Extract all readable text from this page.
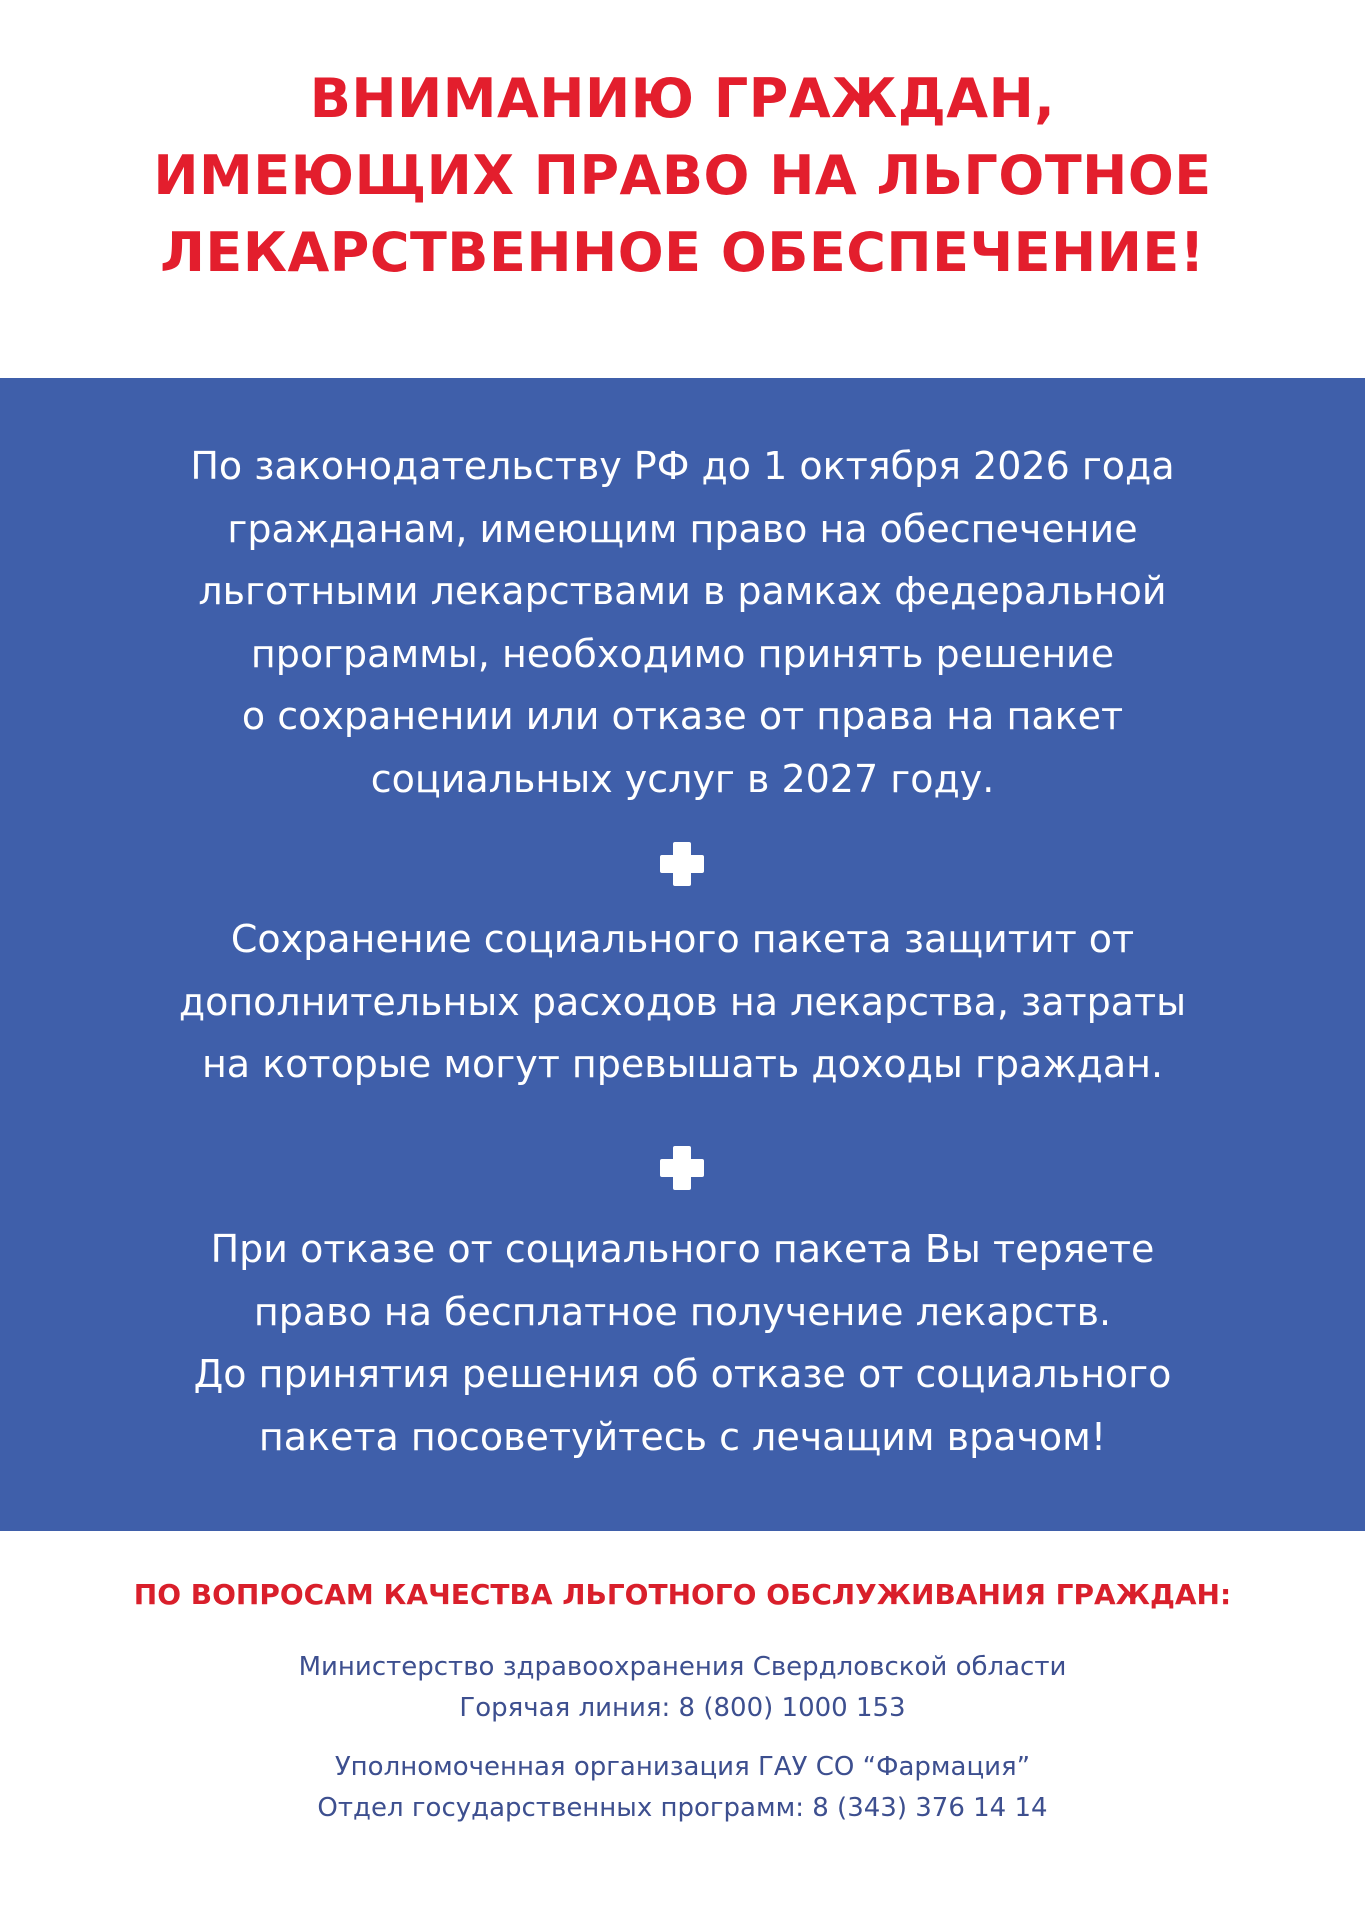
ВНИМАНИЮ ГРАЖДАН,
ИМЕЮЩИХ ПРАВО НА ЛЬГОТНОЕ
ЛЕКАРСТВЕННОЕ ОБЕСПЕЧЕНИЕ!
По законодательству РФ до 1 октября 2026 года
гражданам, имеющим право на обеспечение
льготными лекарствами в рамках федеральной
программы, необходимо принять решение
о сохранении или отказе от права на пакет
социальных услуг в 2027 году.
Сохранение социального пакета защитит от
дополнительных расходов на лекарства, затраты
на которые могут превышать доходы граждан.
При отказе от социального пакета Вы теряете
право на бесплатное получение лекарств.
До принятия решения об отказе от социального
пакета посоветуйтесь с лечащим врачом!
ПО ВОПРОСАМ КАЧЕСТВА ЛЬГОТНОГО ОБСЛУЖИВАНИЯ ГРАЖДАН:
Министерство здравоохранения Свердловской области
Горячая линия: 8 (800) 1000 153
Уполномоченная организация ГАУ СО “Фармация”
Отдел государственных программ: 8 (343) 376 14 14
